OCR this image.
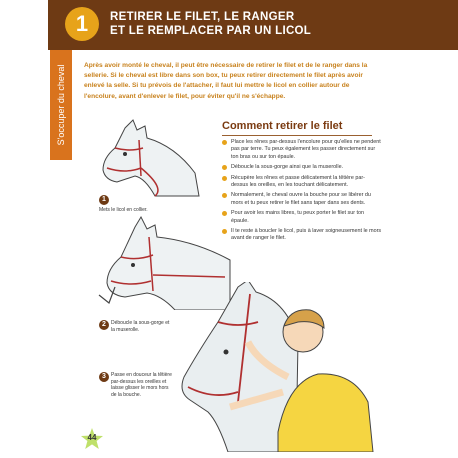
1	RETIRER LE FILET, LE RANGER
ET LE REMPLACER PAR UN LICOL
S'occuper du cheval	Après avoir monté le cheval, il peut être nécessaire de retirer le filet et de le ranger dans la sellerie. Si le cheval est libre dans son box, tu peux retirer directement le filet après avoir enlevé la selle. Si tu prévois de l'attacher, il faut lui mettre le licol en collier autour de l'encolure, avant d'enlever le filet, pour éviter qu'il ne s'échappe.
1
Mets le licol en collier.
2	Déboucle la sous-gorge et la muserolle.
3	Passe en douceur la têtière par-dessus les oreilles et laisse glisser le mors hors de la bouche.
Comment retirer le filet
Place les rênes par-dessus l'encolure pour qu'elles ne pendent pas par terre. Tu peux également les passer directement sur ton bras ou sur ton épaule.
Déboucle la sous-gorge ainsi que la muserolle.
Récupère les rênes et passe délicatement la têtière par-dessus les oreilles, en les touchant délicatement.
Normalement, le cheval ouvre la bouche pour se libérer du mors et tu peux retirer le filet sans taper dans ses dents.
Pour avoir les mains libres, tu peux porter le filet sur ton épaule.
Il te reste à boucler le licol, puis à laver soigneusement le mors avant de ranger le filet.
44
